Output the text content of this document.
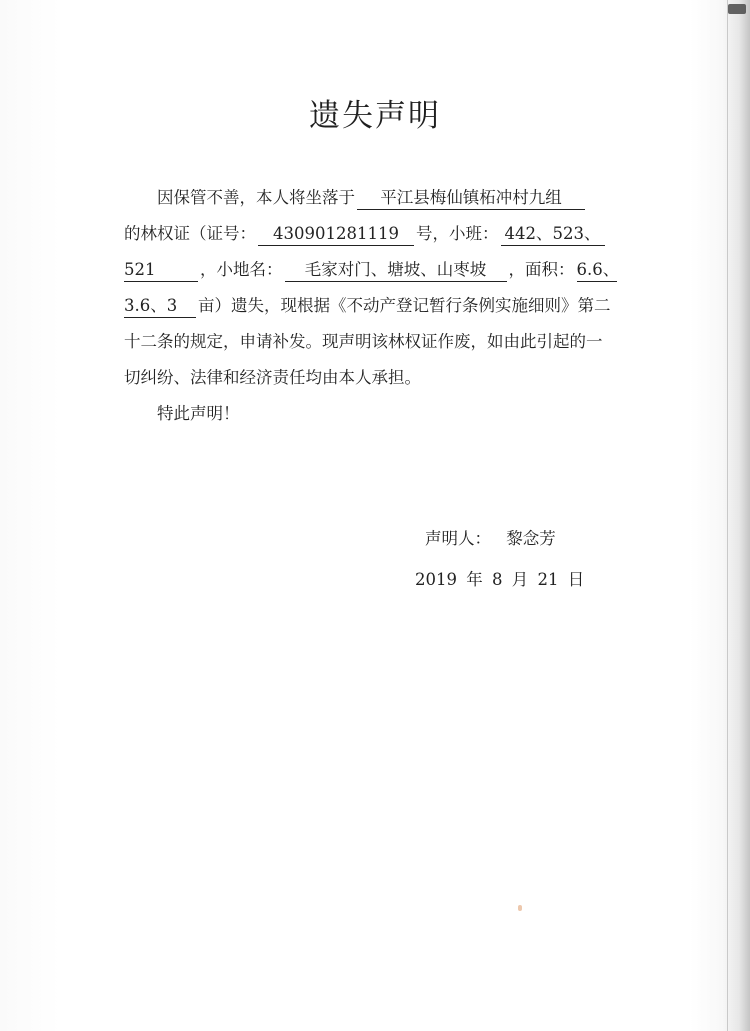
遗失声明
因保管不善，本人将坐落于 平江县梅仙镇柘冲村九组
的林权证（证号： 430901281119 号，小班： 442、523、
521	，小地名： 毛家对门、塘坡、山枣坡 ，面积： 6.6、
3.6、3 亩）遗失，现根据《不动产登记暂行条例实施细则》第二
十二条的规定，申请补发。现声明该林权证作废，如由此引起的一
切纠纷、法律和经济责任均由本人承担。
特此声明！
声明人： 黎念芳
2019 年 8 月 21 日
